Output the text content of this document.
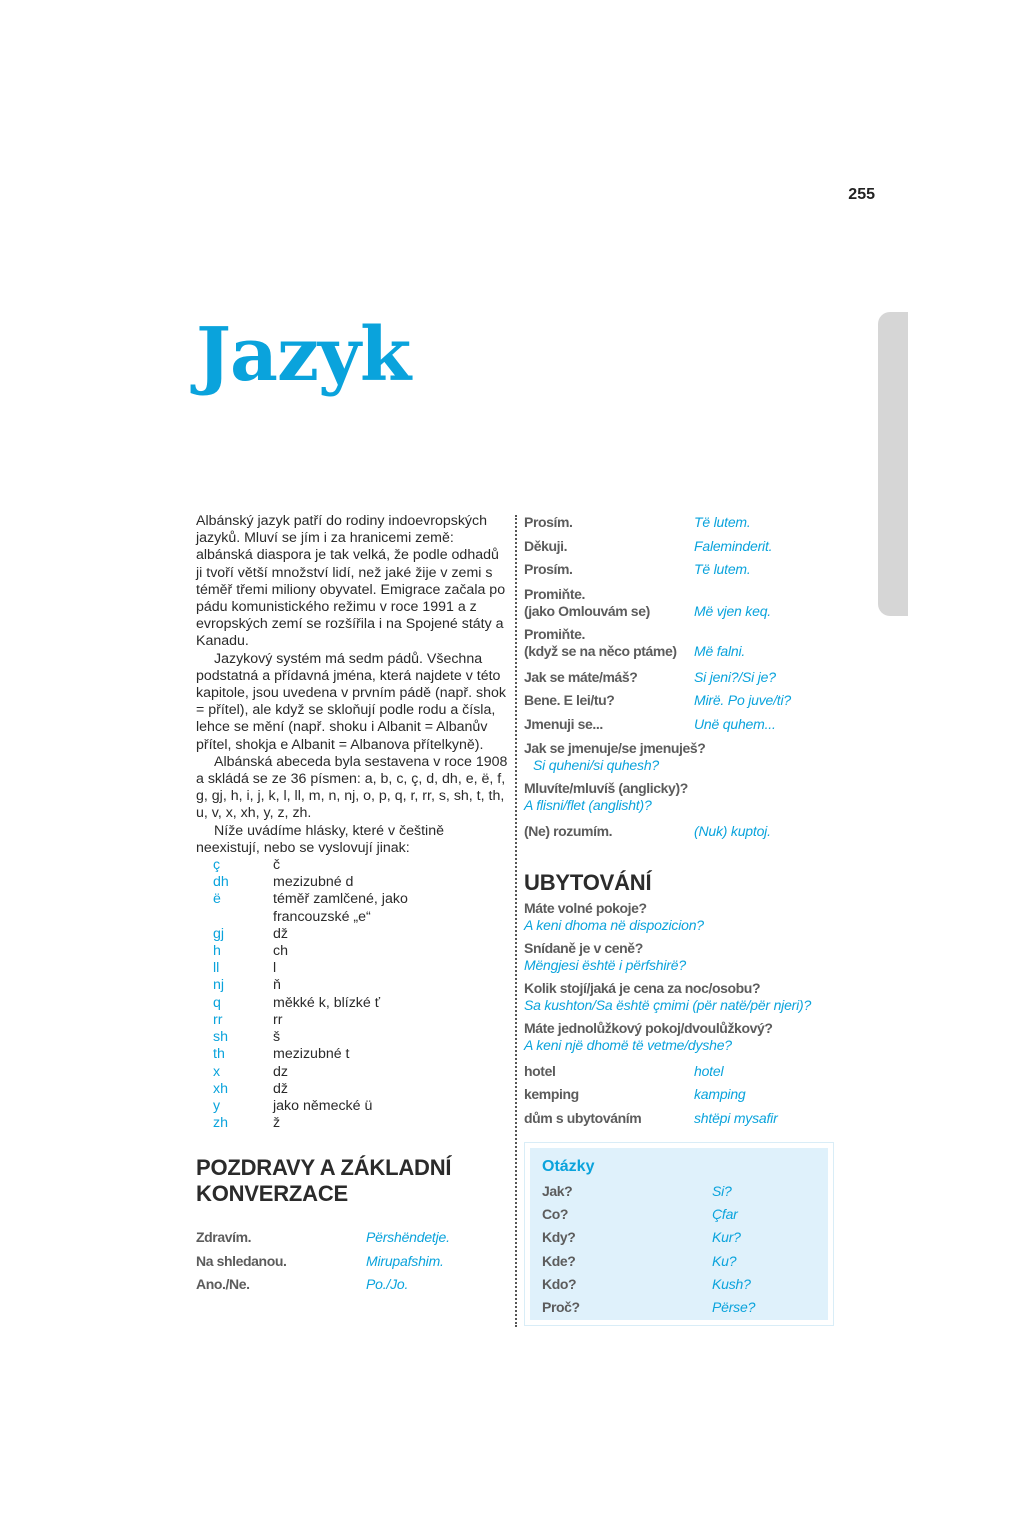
255
Jazyk

Albánský jazyk patří do rodiny indoevropských jazyků. Mluví se jím i za hranicemi země: albánská diaspora je tak velká, že podle odhadů ji tvoří větší množství lidí, než jaké žije v zemi s téměř třemi miliony obyvatel. Emigrace začala po pádu komunistického režimu v roce 1991 a z evropských zemí se rozšířila i na Spojené státy a Kanadu.

Jazykový systém má sedm pádů. Všechna podstatná a přídavná jména, která najdete v této kapitole, jsou uvedena v prvním pádě (např. shok = přítel), ale když se skloňují podle rodu a čísla, lehce se mění (např. shoku i Albanit = Albanův přítel, shokja e Albanit = Albanova přítelkyně).

Albánská abeceda byla sestavena v roce 1908 a skládá se ze 36 písmen: a, b, c, ç, d, dh, e, ë, f, g, gj, h, i, j, k, l, ll, m, n, nj, o, p, q, r, rr, s, sh, t, th, u, v, x, xh, y, z, zh.

Níže uvádíme hlásky, které v češtině neexistují, nebo se vyslovují jinak:

ç	č
dh	mezizubné d
ë	téměř zamlčené, jako francouzské „e“
gj	dž
h	ch
ll	l
nj	ň
q	měkké k, blízké ť
rr	rr
sh	š
th	mezizubné t
x	dz
xh	dž
y	jako německé ü
zh	ž
POZDRAVY A ZÁKLADNÍ KONVERZACE
Zdravím.	Përshëndetje.
Na shledanou.	Mirupafshim.
Ano./Ne.	Po./Jo.
Prosím.	Të lutem.
Děkuji.	Faleminderit.
Prosím.	Të lutem.
Promiňte.
(jako Omlouvám se)	Më vjen keq.
Promiňte.
(když se na něco ptáme)	Më falni.
Jak se máte/máš?	Si jeni?/Si je?
Bene. E lei/tu?	Mirë. Po juve/ti?
Jmenuji se...	Unë quhem...
Jak se jmenuje/se jmenuješ?
Si quheni/si quhesh?
Mluvíte/mluvíš (anglicky)?
A flisni/flet (anglisht)?
(Ne) rozumím.	(Nuk) kuptoj.
UBYTOVÁNÍ
Máte volné pokoje?
A keni dhoma në dispozicion?
Snídaně je v ceně?
Mëngjesi është i përfshirë?
Kolik stojí/jaká je cena za noc/osobu?
Sa kushton/Sa është çmimi (për natë/për njeri)?
Máte jednolůžkový pokoj/dvoulůžkový?
A keni një dhomë të vetme/dyshe?
hotel	hotel
kemping	kamping
dům s ubytováním	shtëpi mysafir
Otázky
Jak?	Si?
Co?	Çfar
Kdy?	Kur?
Kde?	Ku?
Kdo?	Kush?
Proč?	Përse?
